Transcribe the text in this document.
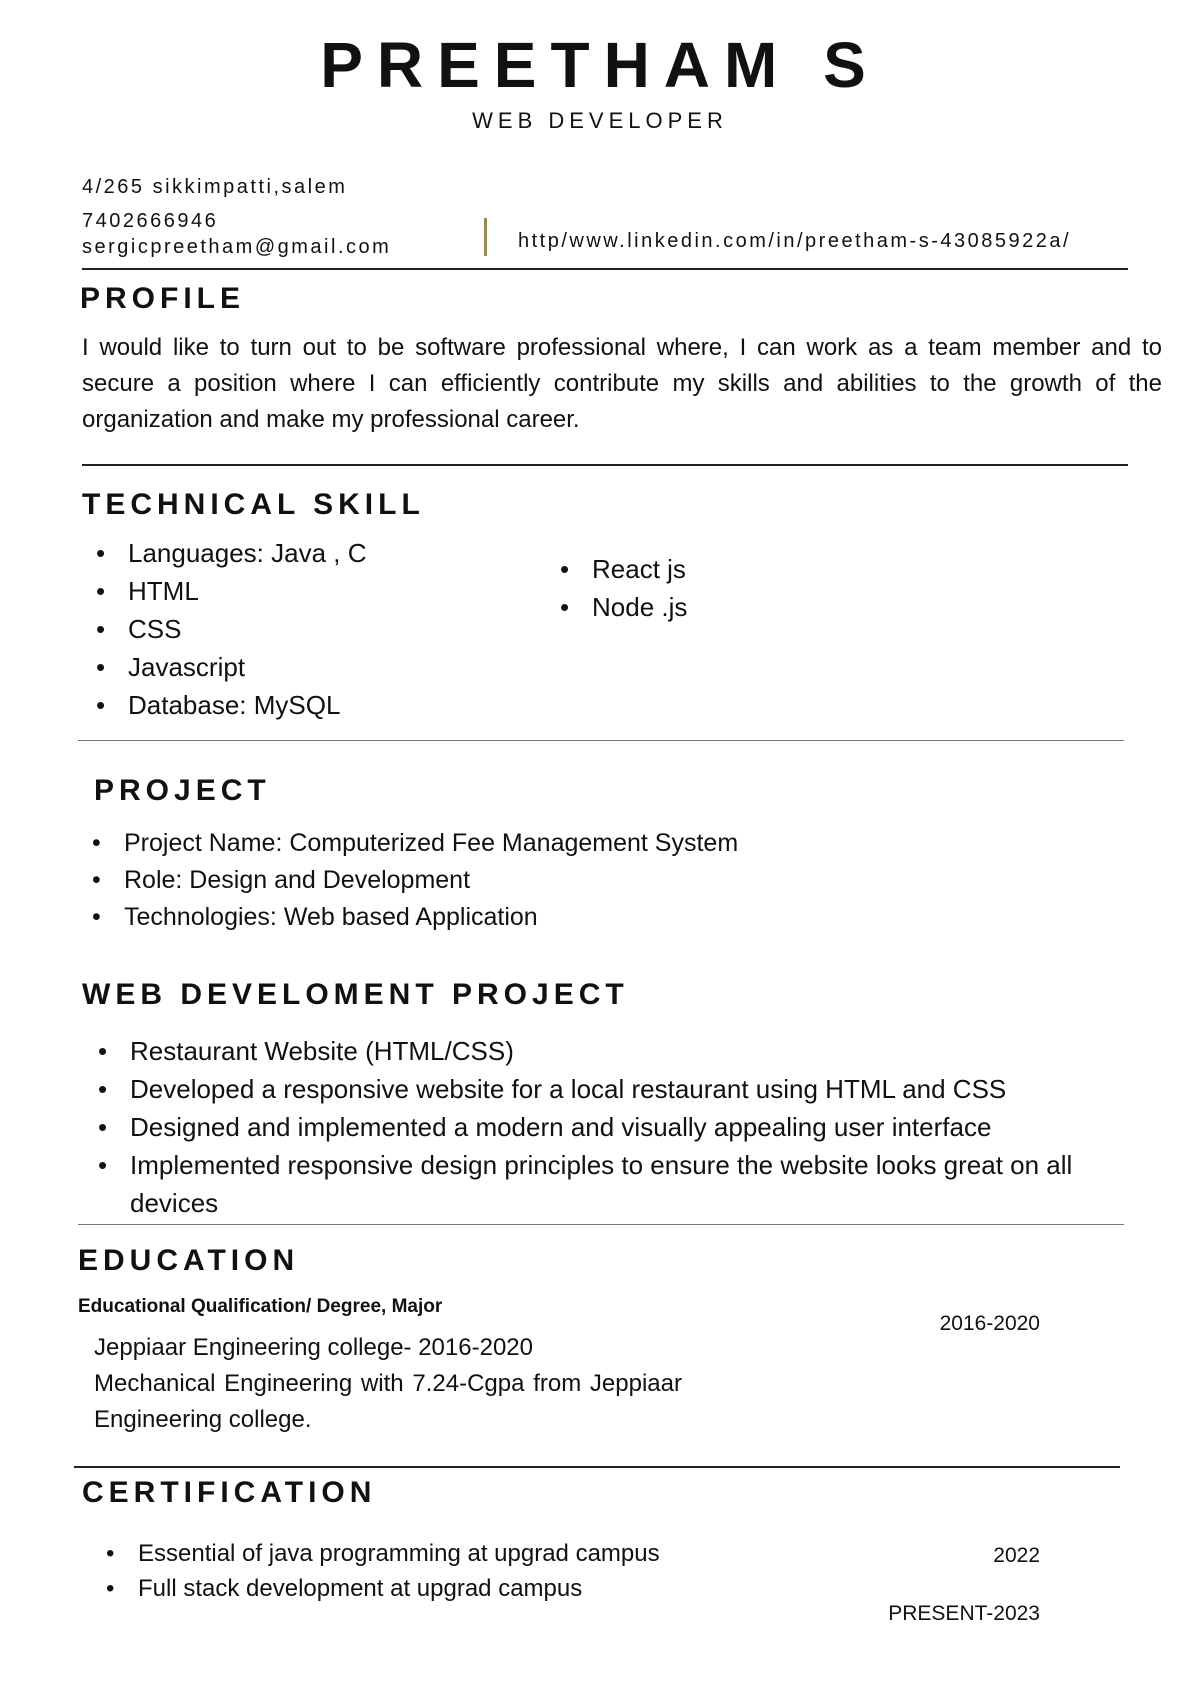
PREETHAM S
WEB DEVELOPER
4/265 sikkimpatti,salem
7402666946
sergicpreetham@gmail.com	http/www.linkedin.com/in/preetham-s-43085922a/
PROFILE
I would like to turn out to be software professional where, I can work as a team member and to secure a position where I can efficiently contribute my skills and abilities to the growth of the organization and make my professional career.
TECHNICAL SKILL
• Languages: Java , C
• HTML
• CSS
• Javascript
• Database: MySQL
• React js
• Node .js
PROJECT
• Project Name: Computerized Fee Management System
• Role: Design and Development
• Technologies: Web based Application
WEB DEVELOMENT PROJECT
• Restaurant Website (HTML/CSS)
• Developed a responsive website for a local restaurant using HTML and CSS
• Designed and implemented a modern and visually appealing user interface
• Implemented responsive design principles to ensure the website looks great on all devices
EDUCATION
Educational Qualification/ Degree, Major
2016-2020
Jeppiaar Engineering college- 2016-2020
Mechanical Engineering with 7.24-Cgpa from Jeppiaar Engineering college.
CERTIFICATION
• Essential of java programming at upgrad campus
• Full stack development at upgrad campus
2022
PRESENT-2023
